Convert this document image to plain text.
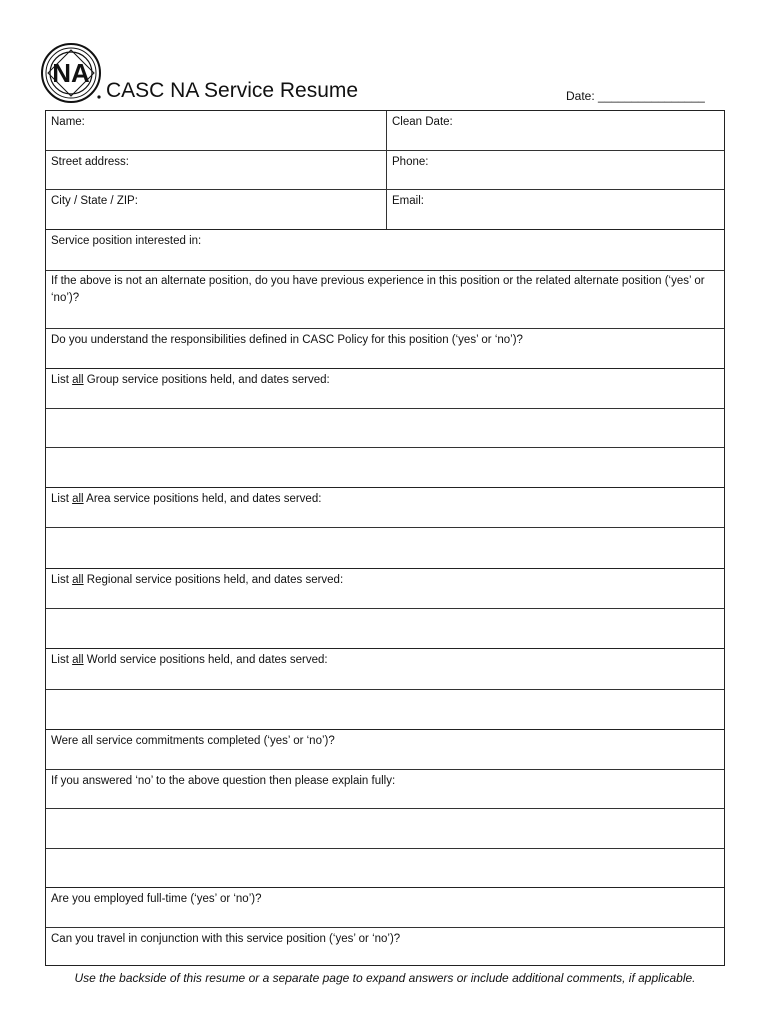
NA
CASC NA Service Resume	Date: ________________
Name:	Clean Date:
Street address:	Phone:
City / State / ZIP:	Email:
Service position interested in:
If the above is not an alternate position, do you have previous experience in this position or the related alternate position (‘yes’ or ‘no’)?
Do you understand the responsibilities defined in CASC Policy for this position (‘yes’ or ‘no’)?
List all Group service positions held, and dates served:
List all Area service positions held, and dates served:
List all Regional service positions held, and dates served:
List all World service positions held, and dates served:
Were all service commitments completed (‘yes’ or ‘no’)?
If you answered ‘no’ to the above question then please explain fully:
Are you employed full-time (‘yes’ or ‘no’)?
Can you travel in conjunction with this service position (‘yes’ or ‘no’)?
Use the backside of this resume or a separate page to expand answers or include additional comments, if applicable.
